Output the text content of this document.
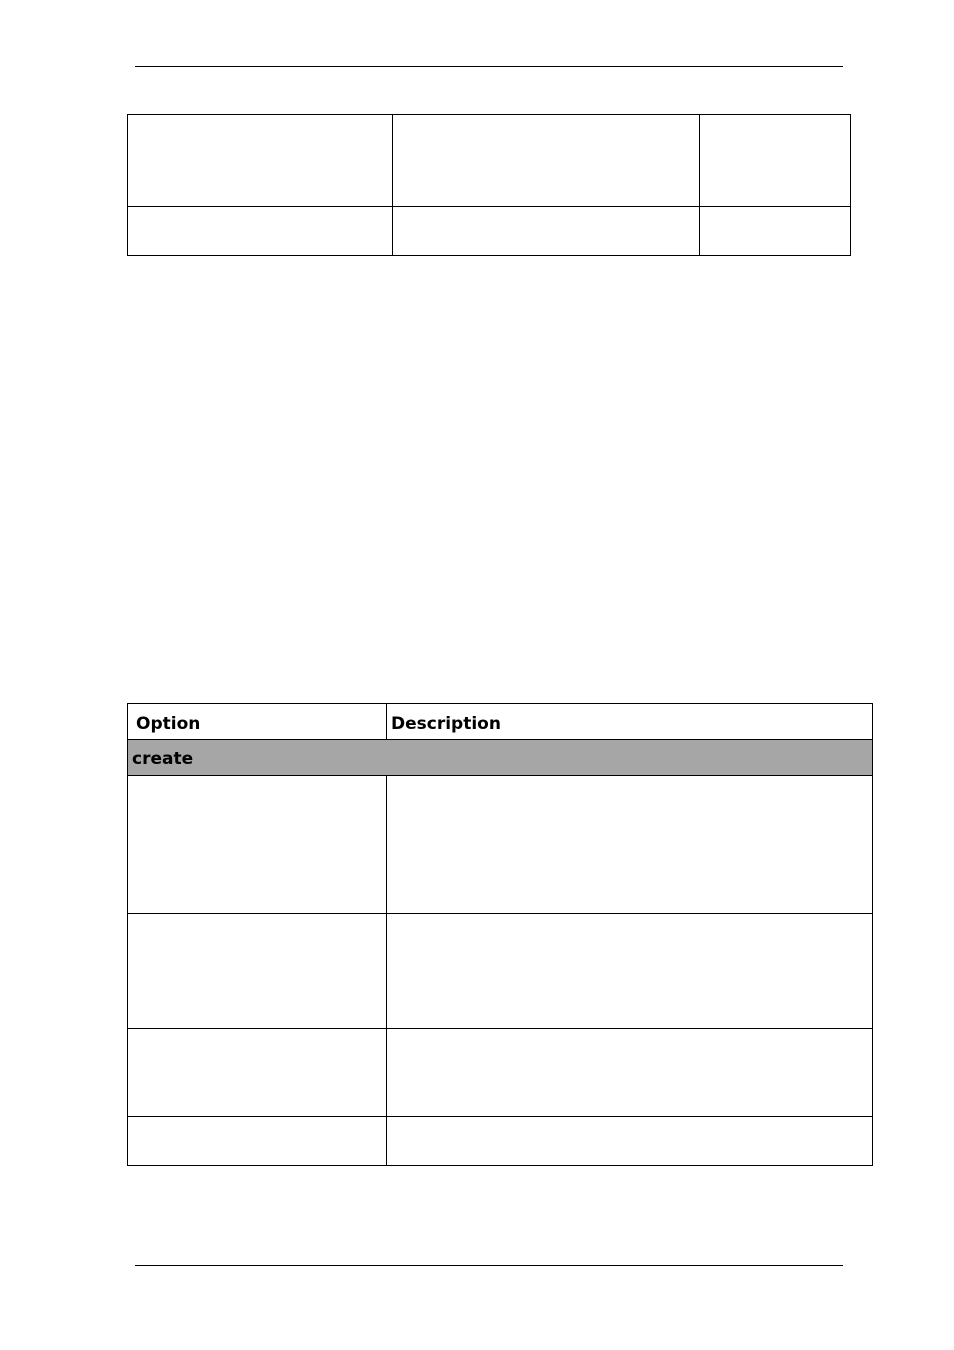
Option	Description
create	
